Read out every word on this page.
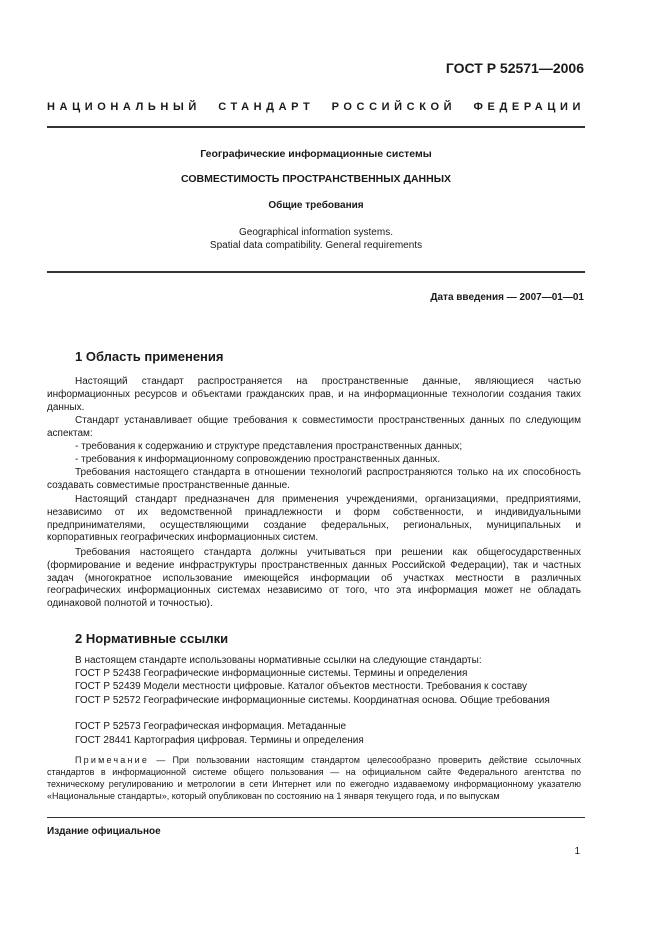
ГОСТ Р 52571—2006
НАЦИОНАЛЬНЫЙ СТАНДАРТ РОССИЙСКОЙ ФЕДЕРАЦИИ
Географические информационные системы
СОВМЕСТИМОСТЬ ПРОСТРАНСТВЕННЫХ ДАННЫХ
Общие требования
Geographical information systems.
Spatial data compatibility. General requirements
Дата введения — 2007—01—01
1 Область применения

Настоящий стандарт распространяется на пространственные данные, являющиеся частью информационных ресурсов и объектами гражданских прав, и на информационные технологии создания таких данных.

Стандарт устанавливает общие требования к совместимости пространственных данных по следующим аспектам:

- требования к содержанию и структуре представления пространственных данных;

- требования к информационному сопровождению пространственных данных.

Требования настоящего стандарта в отношении технологий распространяются только на их способность создавать совместимые пространственные данные.

Настоящий стандарт предназначен для применения учреждениями, организациями, предприятиями, независимо от их ведомственной принадлежности и форм собственности, и индивидуальными предпринимателями, осуществляющими создание федеральных, региональных, муниципальных и корпоративных географических информационных систем.

Требования настоящего стандарта должны учитываться при решении как общегосударственных (формирование и ведение инфраструктуры пространственных данных Российской Федерации), так и частных задач (многократное использование имеющейся информации об участках местности в различных географических информационных системах независимо от того, что эта информация может не обладать одинаковой полнотой и точностью).

2 Нормативные ссылки

В настоящем стандарте использованы нормативные ссылки на следующие стандарты:

ГОСТ Р 52438 Географические информационные системы. Термины и определения

ГОСТ Р 52439 Модели местности цифровые. Каталог объектов местности. Требования к составу

ГОСТ Р 52572 Географические информационные системы. Координатная основа. Общие требования

ГОСТ Р 52573 Географическая информация. Метаданные

ГОСТ 28441 Картография цифровая. Термины и определения

Примечание — При пользовании настоящим стандартом целесообразно проверить действие ссылочных стандартов в информационной системе общего пользования — на официальном сайте Федерального агентства по техническому регулированию и метрологии в сети Интернет или по ежегодно издаваемому информационному указателю «Национальные стандарты», который опубликован по состоянию на 1 января текущего года, и по выпускам

Издание официальное
1
